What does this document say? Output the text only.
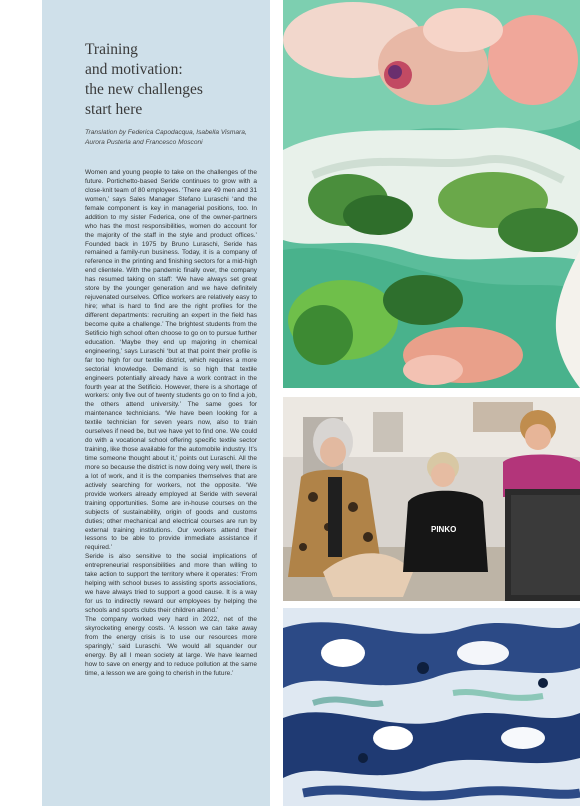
Training
and motivation:
the new challenges
start here
Translation by Federica Capodacqua, Isabella Vismara, Aurora Pusterla and Francesco Mosconi

Women and young people to take on the challenges of the future. Portichetto-based Seride continues to grow with a close-knit team of 80 employees. ‘There are 49 men and 31 women,’ says Sales Manager Stefano Luraschi ‘and the female component is key in managerial positions, too. In addition to my sister Federica, one of the owner-partners who has the most responsibilities, women do account for the majority of the staff in the style and product offices.’ Founded back in 1975 by Bruno Luraschi, Seride has remained a family-run business. Today, it is a company of reference in the printing and finishing sectors for a mid-high end clientele. With the pandemic finally over, the company has resumed taking on staff: ‘We have always set great store by the younger generation and we have definitely rejuvenated ourselves. Office workers are relatively easy to hire; what is hard to find are the right profiles for the different departments: recruiting an expert in the field has become quite a challenge.’ The brightest students from the Setificio high school often choose to go on to pursue further education. ‘Maybe they end up majoring in chemical engineering,’ says Luraschi ‘but at that point their profile is far too high for our textile district, which requires a more sectorial knowledge. Demand is so high that textile engineers potentially already have a work contract in the fourth year at the Setificio. However, there is a shortage of workers: only five out of twenty students go on to find a job, the others attend university.’ The same goes for maintenance technicians. ‘We have been looking for a textile technician for seven years now, also to train ourselves if need be, but we have yet to find one. We could do with a vocational school offering specific textile sector training, like those available for the automobile industry. It’s time someone thought about it,’ points out Luraschi. All the more so because the district is now doing very well, there is a lot of work, and it is the companies themselves that are actively searching for workers, not the opposite. ‘We provide workers already employed at Seride with several training opportunities. Some are in-house courses on the subjects of sustainability, origin of goods and customs duties; other mechanical and electrical courses are run by external training institutions. Our workers attend their lessons to be able to provide immediate assistance if required.’

Seride is also sensitive to the social implications of entrepreneurial responsibilities and more than willing to take action to support the territory where it operates: ‘From helping with school buses to assisting sports associations, we have always tried to support a good cause. It is a way for us to indirectly reward our employees by helping the schools and sports clubs their children attend.’

The company worked very hard in 2022, net of the skyrocketing energy costs. ‘A lesson we can take away from the energy crisis is to use our resources more sparingly,’ said Luraschi. ‘We would all squander our energy. By all I mean society at large. We have learned how to save on energy and to reduce pollution at the same time, a lesson we are going to cherish in the future.’

PINKO
